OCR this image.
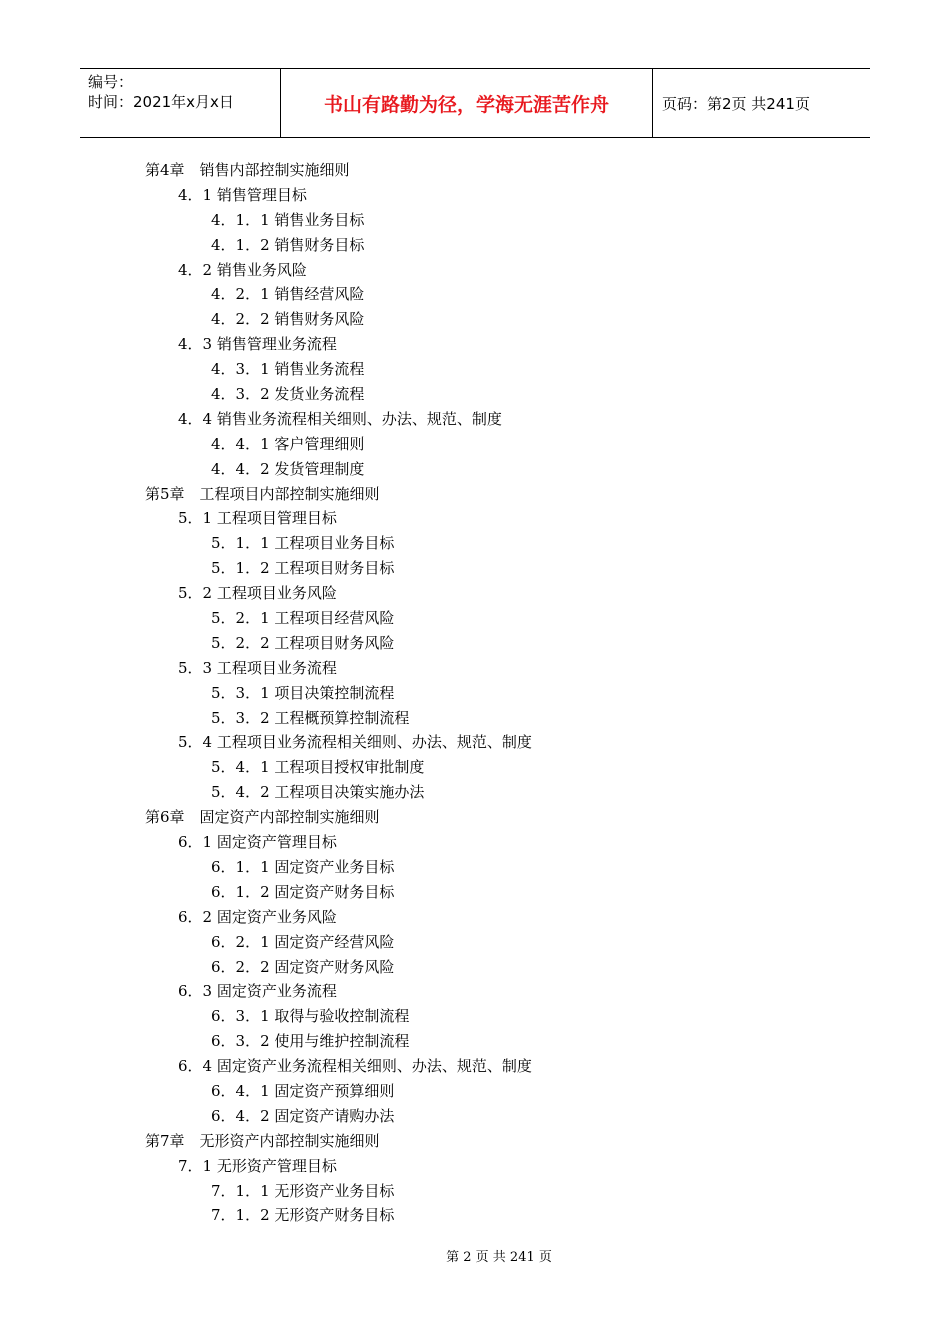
编号：
时间：2021年x月x日	书山有路勤为径，学海无涯苦作舟	页码：第2页 共241页
第4章　销售内部控制实施细则
4．1 销售管理目标
4．1．1 销售业务目标
4．1．2 销售财务目标
4．2 销售业务风险
4．2．1 销售经营风险
4．2．2 销售财务风险
4．3 销售管理业务流程
4．3．1 销售业务流程
4．3．2 发货业务流程
4．4 销售业务流程相关细则、办法、规范、制度
4．4．1 客户管理细则
4．4．2 发货管理制度
第5章　工程项目内部控制实施细则
5．1 工程项目管理目标
5．1．1 工程项目业务目标
5．1．2 工程项目财务目标
5．2 工程项目业务风险
5．2．1 工程项目经营风险
5．2．2 工程项目财务风险
5．3 工程项目业务流程
5．3．1 项目决策控制流程
5．3．2 工程概预算控制流程
5．4 工程项目业务流程相关细则、办法、规范、制度
5．4．1 工程项目授权审批制度
5．4．2 工程项目决策实施办法
第6章　固定资产内部控制实施细则
6．1 固定资产管理目标
6．1．1 固定资产业务目标
6．1．2 固定资产财务目标
6．2 固定资产业务风险
6．2．1 固定资产经营风险
6．2．2 固定资产财务风险
6．3 固定资产业务流程
6．3．1 取得与验收控制流程
6．3．2 使用与维护控制流程
6．4 固定资产业务流程相关细则、办法、规范、制度
6．4．1 固定资产预算细则
6．4．2 固定资产请购办法
第7章　无形资产内部控制实施细则
7．1 无形资产管理目标
7．1．1 无形资产业务目标
7．1．2 无形资产财务目标
第 2 页 共 241 页
